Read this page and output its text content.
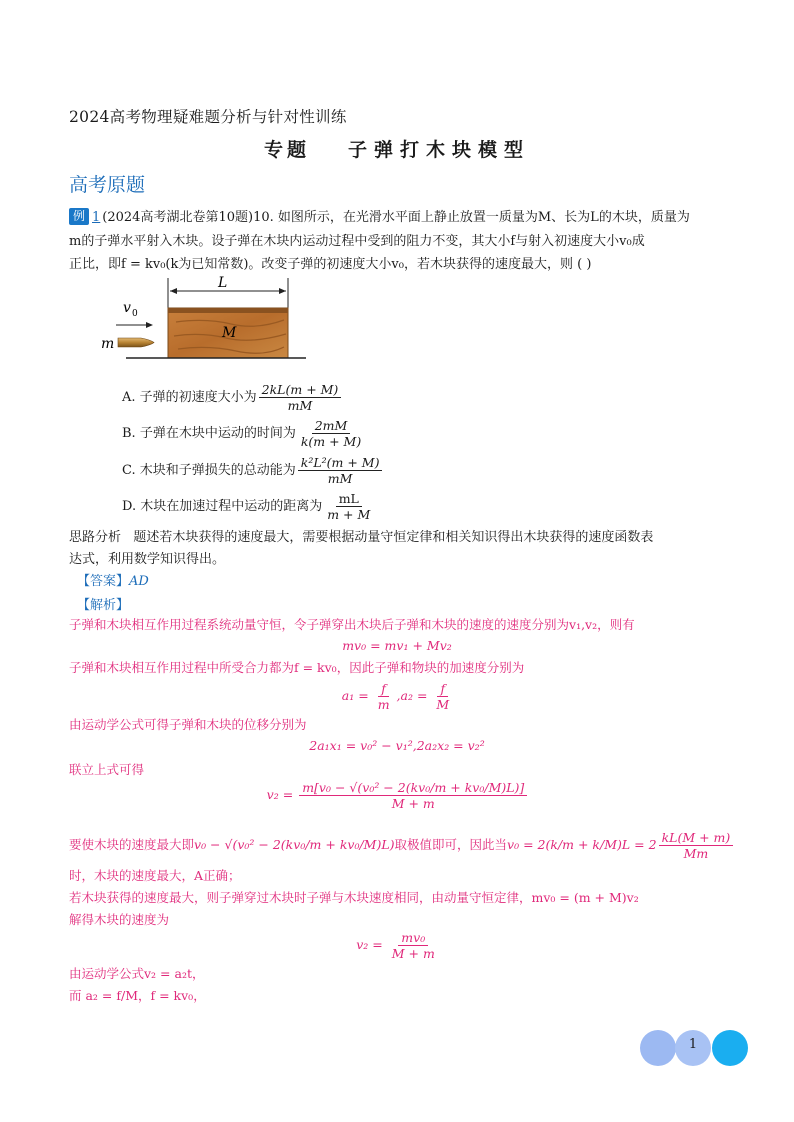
2024高考物理疑难题分析与针对性训练
专题 子弹打木块模型
高考原题
例 1 (2024高考湖北卷第10题)10. 如图所示，在光滑水平面上静止放置一质量为M、长为L的木块，质量为
m的子弹水平射入木块。设子弹在木块内运动过程中受到的阻力不变，其大小f与射入初速度大小v₀成
正比，即f = kv₀(k为已知常数)。改变子弹的初速度大小v₀，若木块获得的速度最大，则 ( )
L
M
v 0
m
A. 子弹的初速度大小为 $\frac{2kL(m + M)}{mM}$
B. 子弹在木块中运动的时间为 $\frac{2mM}{k(m + M)}$
C. 木块和子弹损失的总动能为 $\frac{\text{k²L²(m + M)}}{mM}$
D. 木块在加速过程中运动的距离为 $\frac{mL}{m + M}$
思路分析 题述若木块获得的速度最大，需要根据动量守恒定律和相关知识得出木块获得的速度函数表
达式，利用数学知识得出。
【答案】AD
【解析】
子弹和木块相互作用过程系统动量守恒，令子弹穿出木块后子弹和木块的速度的速度分别为v₁,v₂，则有
mv₀ = mv₁ + Mv₂
子弹和木块相互作用过程中所受合力都为f = kv₀，因此子弹和物块的加速度分别为
$a_1 = \frac{f}{m} ,a_2 = \frac{f}{M}$
由运动学公式可得子弹和木块的位移分别为
2a₁x₁ = v₀² − v₁²,2a₂x₂ = v₂²
联立上式可得
$v_2 = \frac{\text{m[v₀ − √(v₀² − 2(kv₀/m + kv₀/M)L)]}}{M + m}$
要使木块的速度最大即v₀ − √(v₀² − 2(kv₀/m + kv₀/M)L)取极值即可，因此当$v_0 = 2(k/m + k/M)L = 2 \frac{kL(M + m)}{Mm}$
时，木块的速度最大，A正确；
若木块获得的速度最大，则子弹穿过木块时子弹与木块速度相同，由动量守恒定律，mv₀ = (m + M)v₂
解得木块的速度为
$v_2 = \frac{\text{mv₀}}{M + m}$
由运动学公式v₂ = a₂t，
而 a₂ = f/M，f = kv₀，
1
